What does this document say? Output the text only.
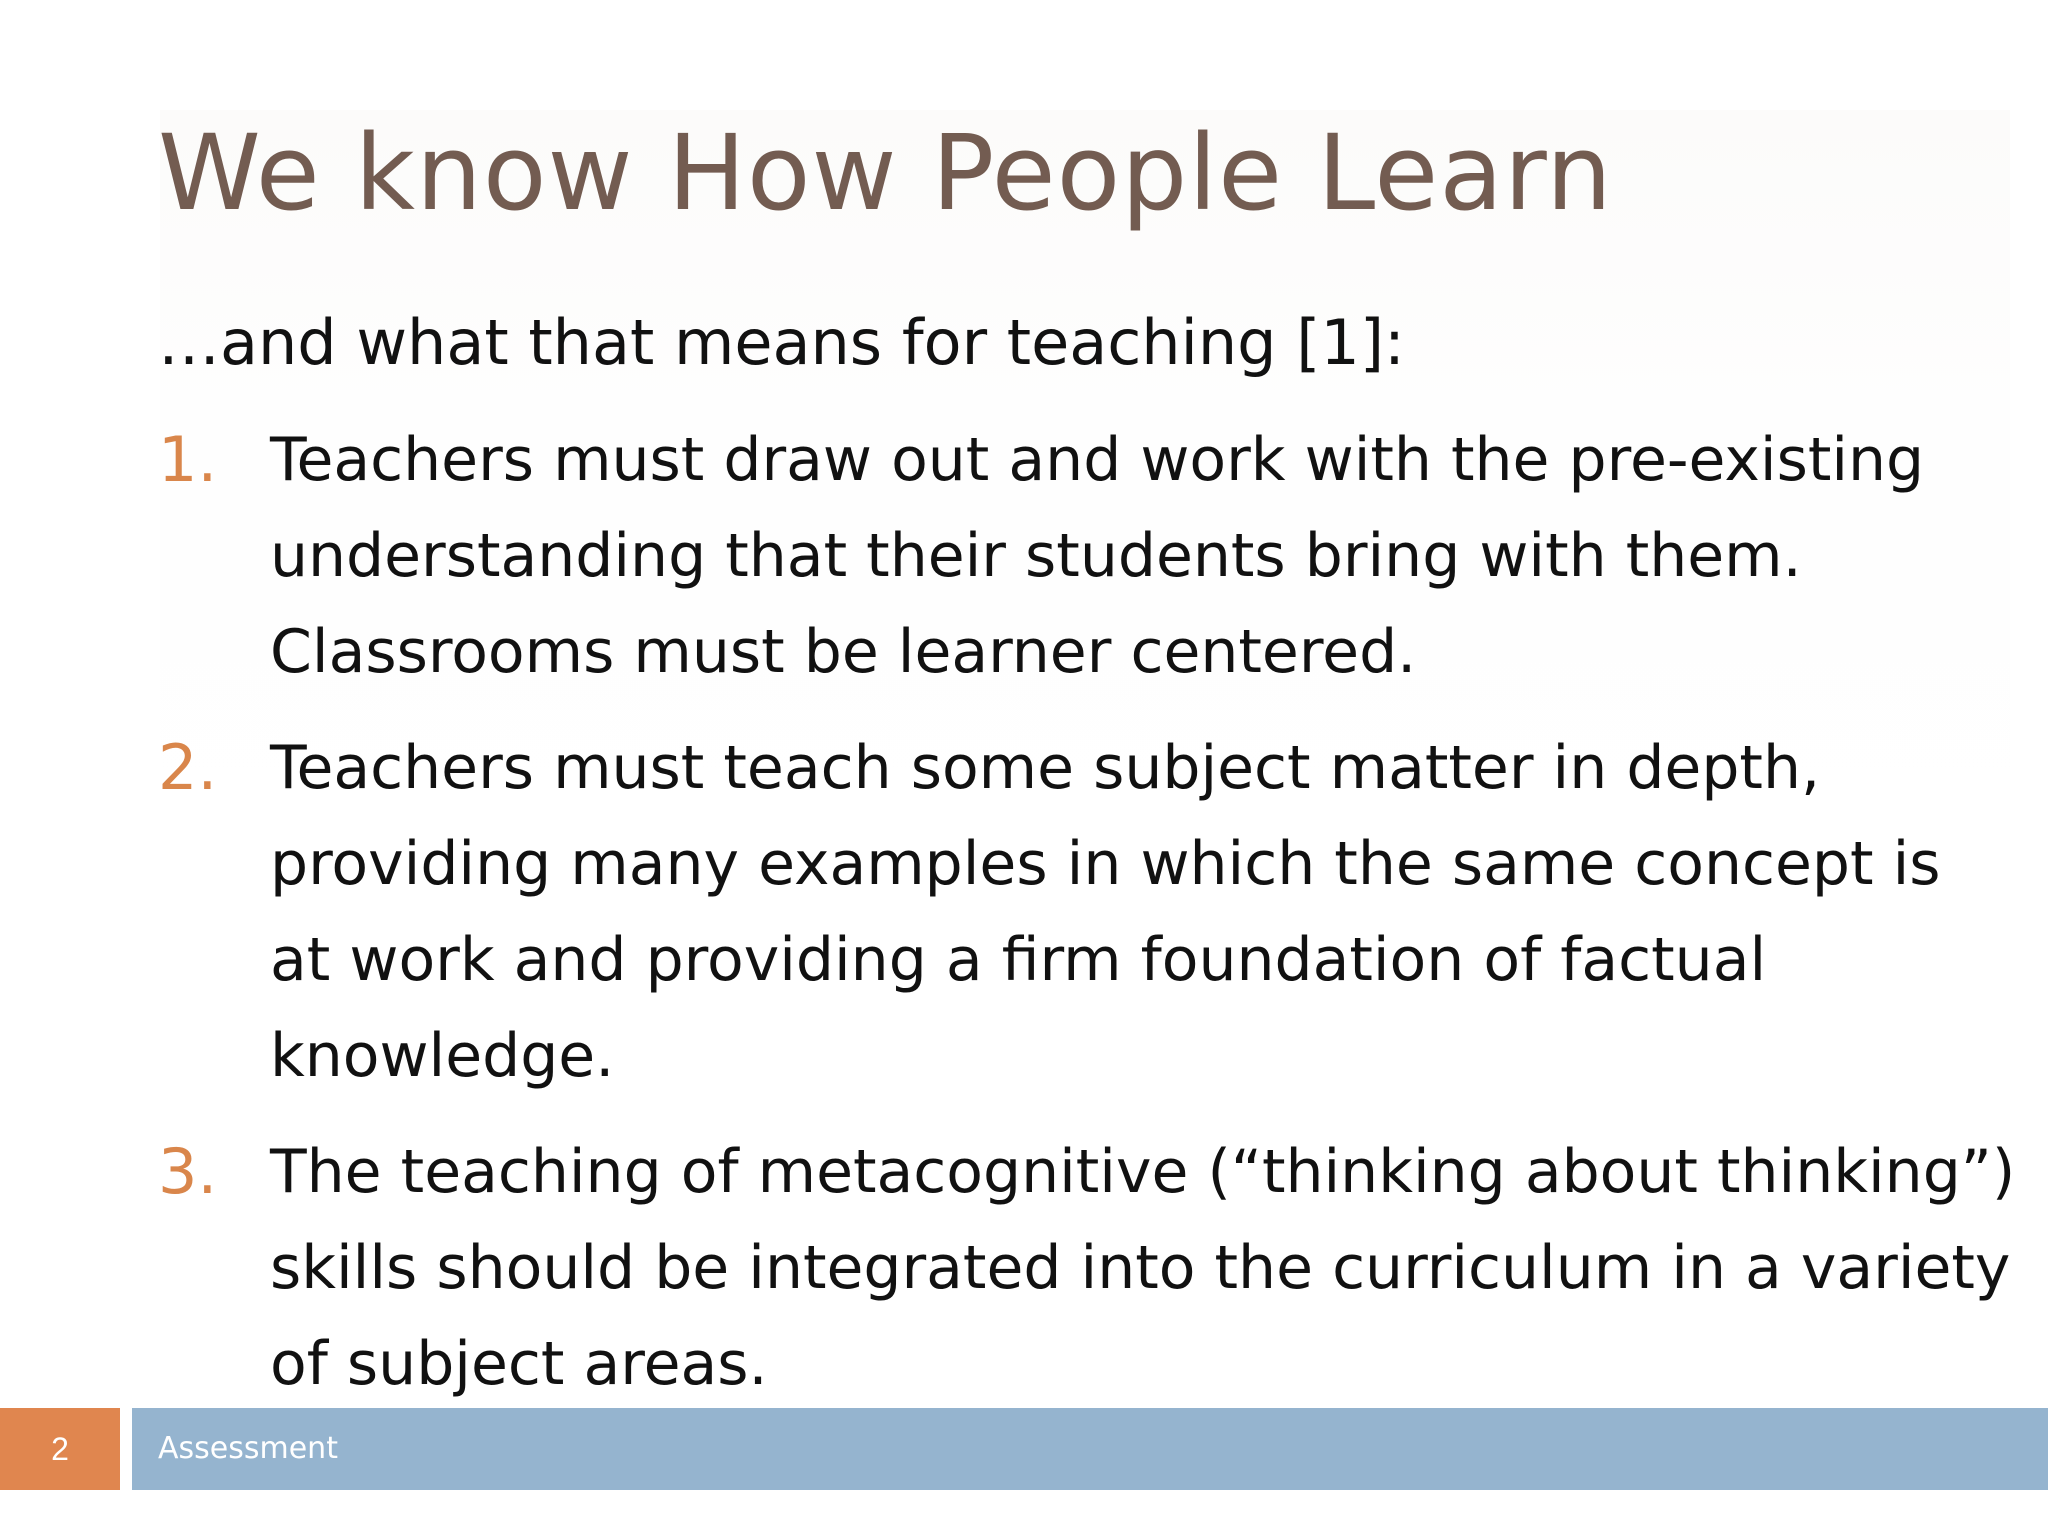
We know How People Learn

…and what that means for teaching [1]:

1. Teachers must draw out and work with the pre-existing understanding that their students bring with them. Classrooms must be learner centered.
2. Teachers must teach some subject matter in depth, providing many examples in which the same concept is at work and providing a firm foundation of factual knowledge.
3. The teaching of metacognitive (“thinking about thinking”) skills should be integrated into the curriculum in a variety of subject areas.
2	Assessment
